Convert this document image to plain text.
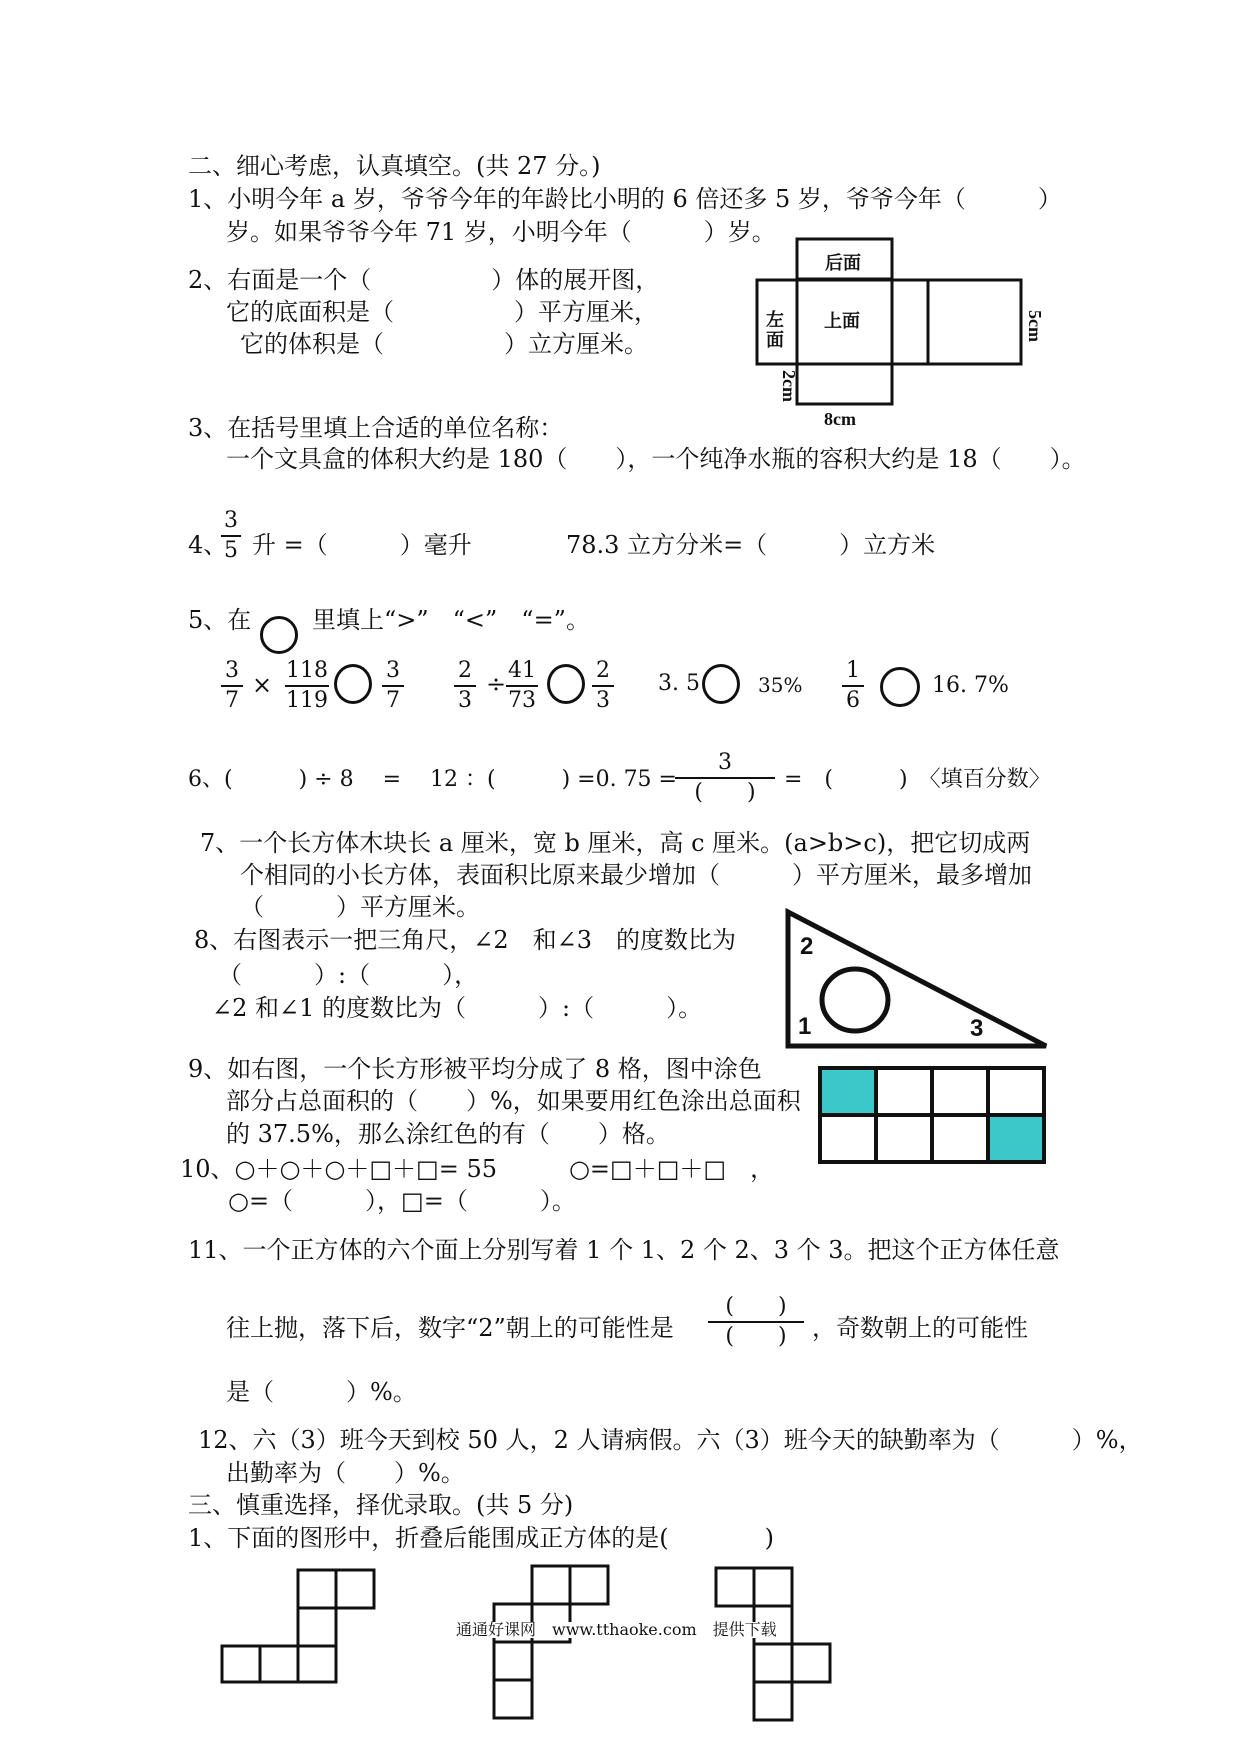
二、细心考虑，认真填空。(共 27 分。)
1、小明今年 a 岁，爷爷今年的年龄比小明的 6 倍还多 5 岁，爷爷今年（　　　）
岁。如果爷爷今年 71 岁，小明今年（　　　）岁。
2、右面是一个（　　　　　）体的展开图，
它的底面积是（　　　　　）平方厘米，
它的体积是（　　　　　）立方厘米。
后面
上面
左面	5cm
2cm
8cm
3、在括号里填上合适的单位名称：
一个文具盒的体积大约是 180（　　），一个纯净水瓶的容积大约是 18（　　）。
4、
$\frac{3}{5}$ 升 =（　　　）毫升	78.3 立方分米=（　　　）立方米
5、在	里填上“>”　“<”　“=”。
$\frac{3}{7} \times \frac{118}{119} \frac{3}{7} \frac{2}{3} \div \frac{41}{73} \frac{2}{3} 3$. 5	$35\% \frac{1}{6}$	16. 7%
6、(　　　) ÷ 8　 =　 12 ：(　　　) =0. 75 =
3
(　　)
=　(　　　)　〈填百分数〉
7、一个长方体木块长 a 厘米，宽 b 厘米，高 c 厘米。(a>b>c)，把它切成两
个相同的小长方体，表面积比原来最少增加（　　　）平方厘米，最多增加
（　　　）平方厘米。
8、右图表示一把三角尺，∠2　和∠3　的度数比为
（　　　）:（　　　），
∠2 和∠1 的度数比为（　　　）:（　　　）。
2
1	3
9、如右图，一个长方形被平均分成了 8 格，图中涂色
部分占总面积的（　　）%，如果要用红色涂出总面积
的 37.5%，那么涂红色的有（　　）格。
10、○＋○＋○＋□＋□= 55　　　○=□＋□＋□　，
○=（　　　），□=（　　　）。
11、一个正方体的六个面上分别写着 1 个 1、2 个 2、3 个 3。把这个正方体任意
往上抛，落下后，数字“2”朝上的可能性是
(　　)
(　　)	，奇数朝上的可能性
是（　　　）%。
12、六（3）班今天到校 50 人，2 人请病假。六（3）班今天的缺勤率为（　　　）%，
出勤率为（　　）%。
三、慎重选择，择优录取。(共 5 分)
1、下面的图形中，折叠后能围成正方体的是(　　　　)
通通好课网　www.tthaoke.com　提供下载
